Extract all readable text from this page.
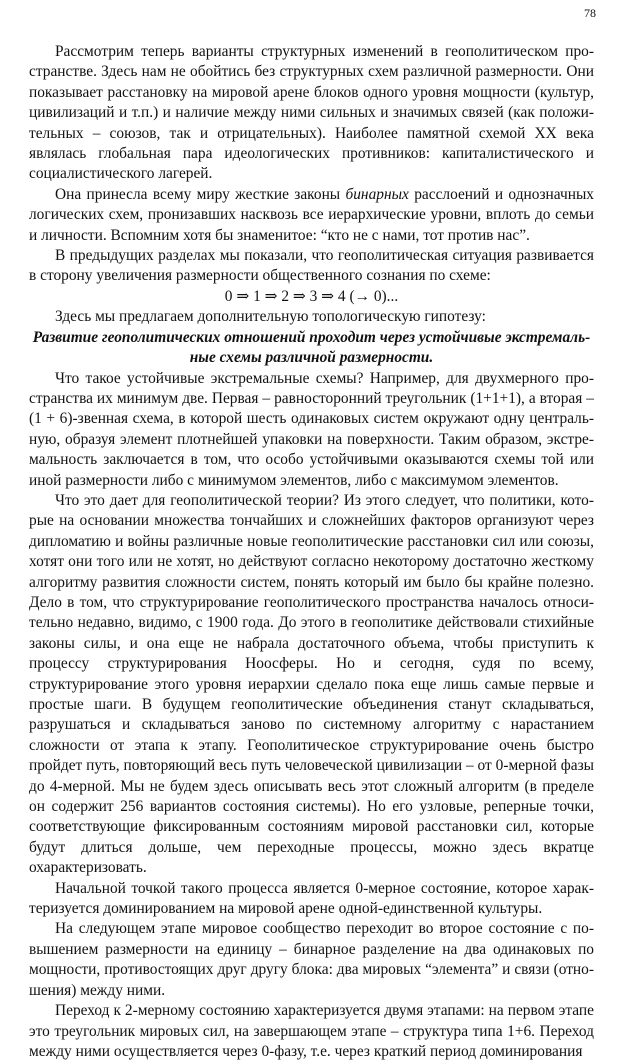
78

Рассмотрим теперь варианты структурных изменений в геополитическом пространстве. Здесь нам не обойтись без структурных схем различной размерности. Они показывает расстановку на мировой арене блоков одного уровня мощности (культур, цивилизаций и т.п.) и наличие между ними сильных и значимых связей (как положительных – союзов, так и отрицательных). Наиболее памятной схемой XX века являлась глобальная пара идеологических противников: капиталистического и социалистического лагерей.

Она принесла всему миру жесткие законы бинарных расслоений и однозначных логических схем, пронизавших насквозь все иерархические уровни, вплоть до семьи и личности. Вспомним хотя бы знаменитое: “кто не с нами, тот против нас”.

В предыдущих разделах мы показали, что геополитическая ситуация развивается в сторону увеличения размерности общественного сознания по схеме:

0 ⇒ 1 ⇒ 2 ⇒ 3 ⇒ 4 (→ 0)...

Здесь мы предлагаем дополнительную топологическую гипотезу:

Развитие геополитических отношений проходит через устойчивые экстремальные схемы различной размерности.

Что такое устойчивые экстремальные схемы? Например, для двухмерного пространства их минимум две. Первая – равносторонний треугольник (1+1+1), а вторая – (1 + 6)-звенная схема, в которой шесть одинаковых систем окружают одну центральную, образуя элемент плотнейшей упаковки на поверхности. Таким образом, экстремальность заключается в том, что особо устойчивыми оказываются схемы той или иной размерности либо с минимумом элементов, либо с максимумом элементов.

Что это дает для геополитической теории? Из этого следует, что политики, которые на основании множества тончайших и сложнейших факторов организуют через дипломатию и войны различные новые геополитические расстановки сил или союзы, хотят они того или не хотят, но действуют согласно некоторому достаточно жесткому алгоритму развития сложности систем, понять который им было бы крайне полезно. Дело в том, что структурирование геополитического пространства началось относительно недавно, видимо, с 1900 года. До этого в геополитике действовали стихийные законы силы, и она еще не набрала достаточного объема, чтобы приступить к процессу структурирования Ноосферы. Но и сегодня, судя по всему, структурирование этого уровня иерархии сделало пока еще лишь самые первые и простые шаги. В будущем геополитические объединения станут складываться, разрушаться и складываться заново по системному алгоритму с нарастанием сложности от этапа к этапу. Геополитическое структурирование очень быстро пройдет путь, повторяющий весь путь человеческой цивилизации – от 0-мерной фазы до 4-мерной. Мы не будем здесь описывать весь этот сложный алгоритм (в пределе он содержит 256 вариантов состояния системы). Но его узловые, реперные точки, соответствующие фиксированным состояниям мировой расстановки сил, которые будут длиться дольше, чем переходные процессы, можно здесь вкратце охарактеризовать.

Начальной точкой такого процесса является 0-мерное состояние, которое характеризуется доминированием на мировой арене одной-единственной культуры.

На следующем этапе мировое сообщество переходит во второе состояние с повышением размерности на единицу – бинарное разделение на два одинаковых по мощности, противостоящих друг другу блока: два мировых “элемента” и связи (отношения) между ними.

Переход к 2-мерному состоянию характеризуется двумя этапами: на первом этапе это треугольник мировых сил, на завершающем этапе – структура типа 1+6. Переход между ними осуществляется через 0-фазу, т.е. через краткий период доминирования
